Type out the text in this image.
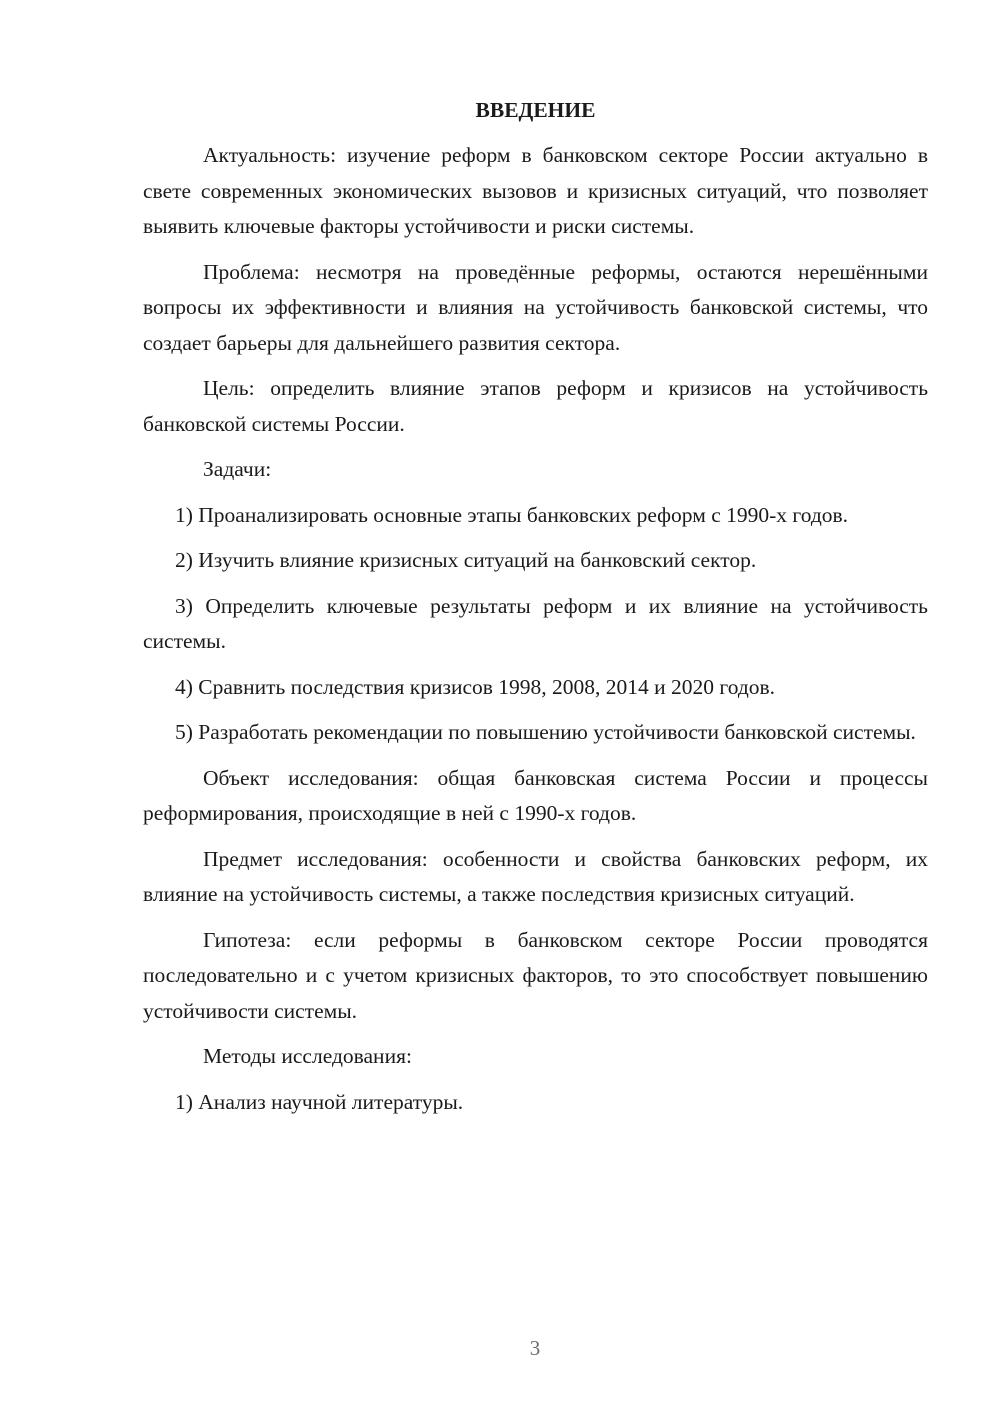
ВВЕДЕНИЕ

Актуальность: изучение реформ в банковском секторе России актуально в свете современных экономических вызовов и кризисных ситуаций, что позволяет выявить ключевые факторы устойчивости и риски системы.

Проблема: несмотря на проведённые реформы, остаются нерешёнными вопросы их эффективности и влияния на устойчивость банковской системы, что создает барьеры для дальнейшего развития сектора.

Цель: определить влияние этапов реформ и кризисов на устойчивость банковской системы России.

Задачи:

1) Проанализировать основные этапы банковских реформ с 1990-х годов.

2) Изучить влияние кризисных ситуаций на банковский сектор.

3) Определить ключевые результаты реформ и их влияние на устойчивость системы.

4) Сравнить последствия кризисов 1998, 2008, 2014 и 2020 годов.

5) Разработать рекомендации по повышению устойчивости банковской системы.

Объект исследования: общая банковская система России и процессы реформирования, происходящие в ней с 1990-х годов.

Предмет исследования: особенности и свойства банковских реформ, их влияние на устойчивость системы, а также последствия кризисных ситуаций.

Гипотеза: если реформы в банковском секторе России проводятся последовательно и с учетом кризисных факторов, то это способствует повышению устойчивости системы.

Методы исследования:

1) Анализ научной литературы.

3
